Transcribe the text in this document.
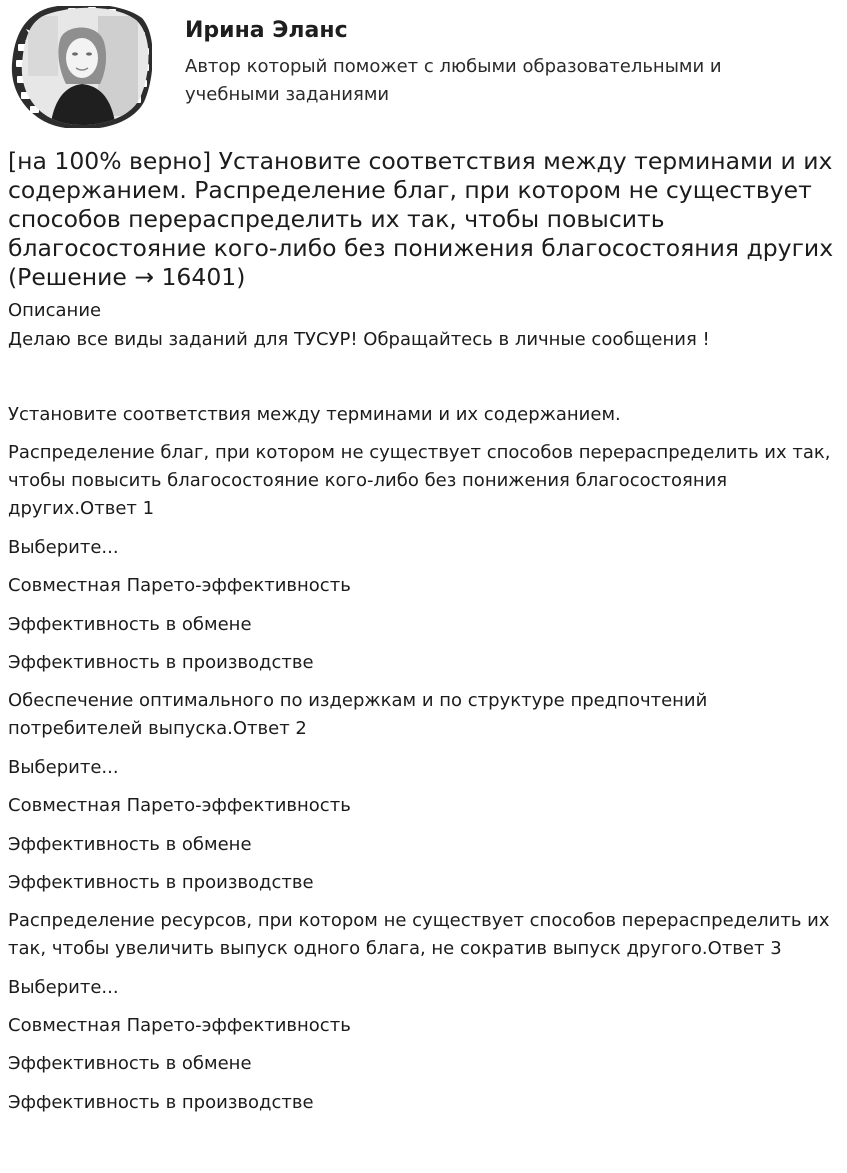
Ирина Эланс

Автор который поможет с любыми образовательными и учебными заданиями

[на 100% верно] Установите соответствия между терминами и их содержанием. Распределение благ, при котором не существует способов перераспределить их так, чтобы повысить благосостояние кого-либо без понижения благосостояния других (Решение → 16401)

Описание

Делаю все виды заданий для ТУСУР! Обращайтесь в личные сообщения !

Установите соответствия между терминами и их содержанием.

Распределение благ, при котором не существует способов перераспределить их так, чтобы повысить благосостояние кого-либо без понижения благосостояния других.Ответ 1

Выберите...

Совместная Парето-эффективность

Эффективность в обмене

Эффективность в производстве

Обеспечение оптимального по издержкам и по структуре предпочтений потребителей выпуска.Ответ 2

Выберите...

Совместная Парето-эффективность

Эффективность в обмене

Эффективность в производстве

Распределение ресурсов, при котором не существует способов перераспределить их так, чтобы увеличить выпуск одного блага, не сократив выпуск другого.Ответ 3

Выберите...

Совместная Парето-эффективность

Эффективность в обмене

Эффективность в производстве
